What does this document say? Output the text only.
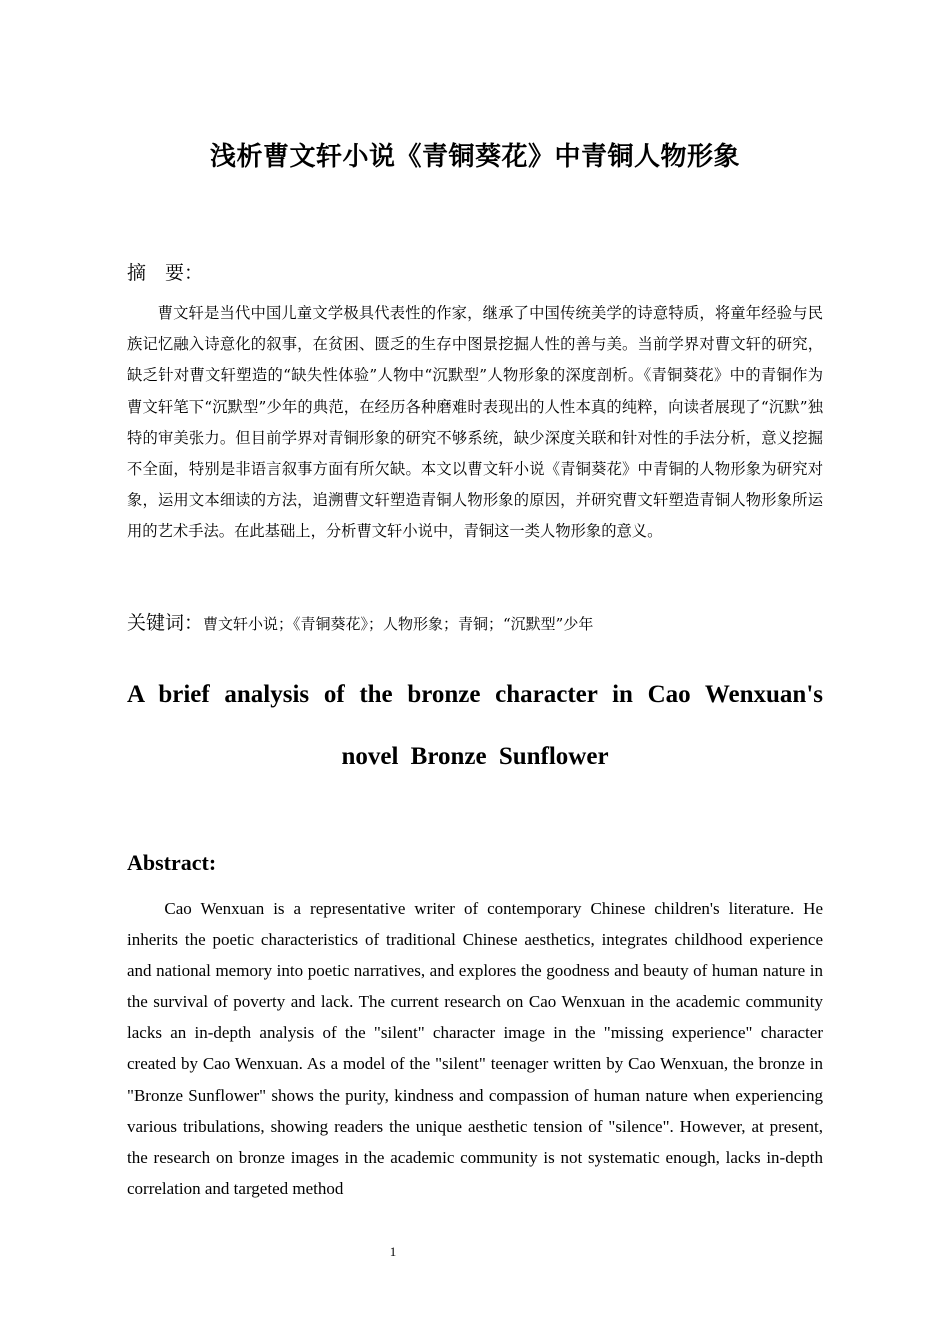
浅析曹文轩小说《青铜葵花》中青铜人物形象
摘　要：

曹文轩是当代中国儿童文学极具代表性的作家，继承了中国传统美学的诗意特质，将童年经验与民族记忆融入诗意化的叙事，在贫困、匮乏的生存中图景挖掘人性的善与美。当前学界对曹文轩的研究，缺乏针对曹文轩塑造的“缺失性体验”人物中“沉默型”人物形象的深度剖析。《青铜葵花》中的青铜作为曹文轩笔下“沉默型”少年的典范，在经历各种磨难时表现出的人性本真的纯粹，向读者展现了“沉默”独特的审美张力。但目前学界对青铜形象的研究不够系统，缺少深度关联和针对性的手法分析，意义挖掘不全面，特别是非语言叙事方面有所欠缺。本文以曹文轩小说《青铜葵花》中青铜的人物形象为研究对象，运用文本细读的方法，追溯曹文轩塑造青铜人物形象的原因，并研究曹文轩塑造青铜人物形象所运用的艺术手法。在此基础上，分析曹文轩小说中，青铜这一类人物形象的意义。

关键词：曹文轩小说；《青铜葵花》；人物形象；青铜；“沉默型”少年

A brief analysis of the bronze character in Cao Wenxuan's novel Bronze Sunflower

Abstract:

Cao Wenxuan is a representative writer of contemporary Chinese children's literature. He inherits the poetic characteristics of traditional Chinese aesthetics, integrates childhood experience and national memory into poetic narratives, and explores the goodness and beauty of human nature in the survival of poverty and lack. The current research on Cao Wenxuan in the academic community lacks an in-depth analysis of the "silent" character image in the "missing experience" character created by Cao Wenxuan. As a model of the "silent" teenager written by Cao Wenxuan, the bronze in "Bronze Sunflower" shows the purity, kindness and compassion of human nature when experiencing various tribulations, showing readers the unique aesthetic tension of "silence". However, at present, the research on bronze images in the academic community is not systematic enough, lacks in-depth correlation and targeted method

1
